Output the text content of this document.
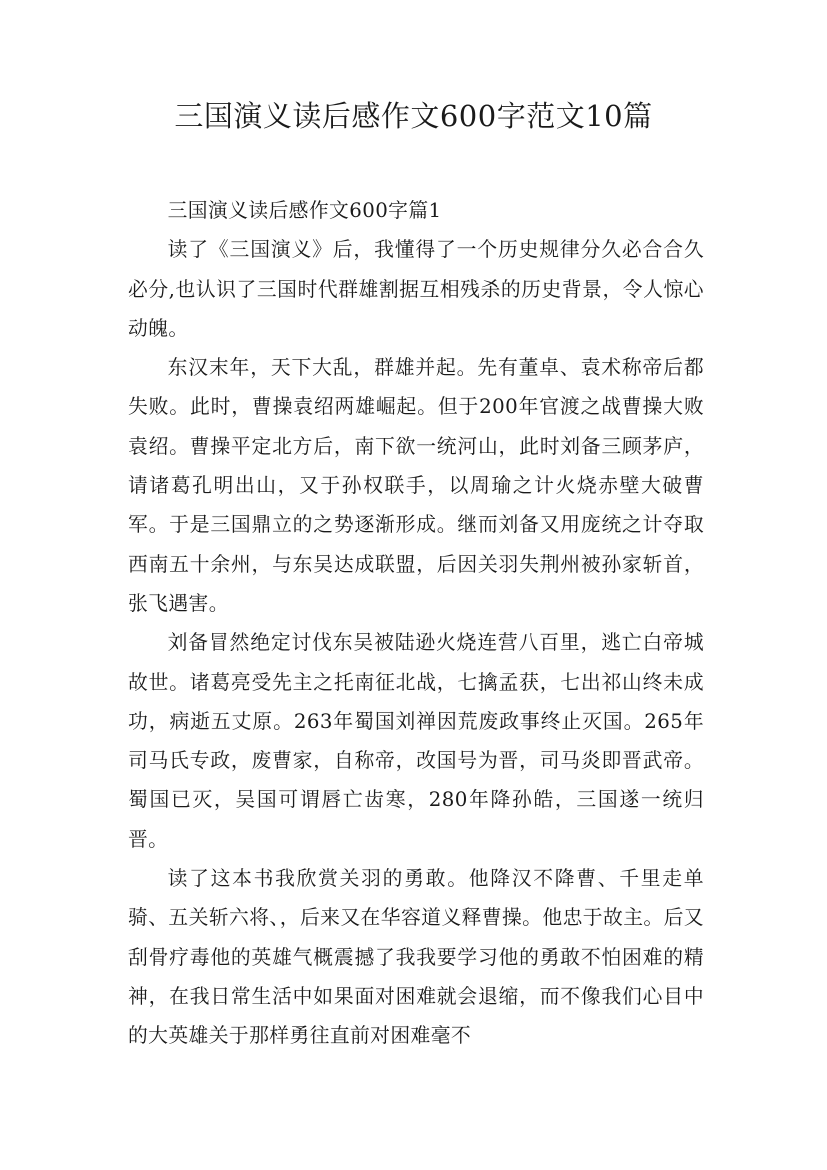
三国演义读后感作文600字范文10篇

三国演义读后感作文600字篇1

读了《三国演义》后，我懂得了一个历史规律分久必合合久必分,也认识了三国时代群雄割据互相残杀的历史背景，令人惊心动魄。

东汉末年，天下大乱，群雄并起。先有董卓、袁术称帝后都失败。此时，曹操袁绍两雄崛起。但于200年官渡之战曹操大败袁绍。曹操平定北方后，南下欲一统河山，此时刘备三顾茅庐，请诸葛孔明出山，又于孙权联手，以周瑜之计火烧赤壁大破曹军。于是三国鼎立的之势逐渐形成。继而刘备又用庞统之计夺取西南五十余州，与东吴达成联盟，后因关羽失荆州被孙家斩首，张飞遇害。

刘备冒然绝定讨伐东吴被陆逊火烧连营八百里，逃亡白帝城故世。诸葛亮受先主之托南征北战，七擒孟获，七出祁山终未成功，病逝五丈原。263年蜀国刘禅因荒废政事终止灭国。265年司马氏专政，废曹家，自称帝，改国号为晋，司马炎即晋武帝。蜀国已灭，吴国可谓唇亡齿寒，280年降孙皓，三国遂一统归晋。

读了这本书我欣赏关羽的勇敢。他降汉不降曹、千里走单骑、五关斩六将、，后来又在华容道义释曹操。他忠于故主。后又刮骨疗毒他的英雄气概震撼了我我要学习他的勇敢不怕困难的精神，在我日常生活中如果面对困难就会退缩，而不像我们心目中的大英雄关于那样勇往直前对困难毫不
